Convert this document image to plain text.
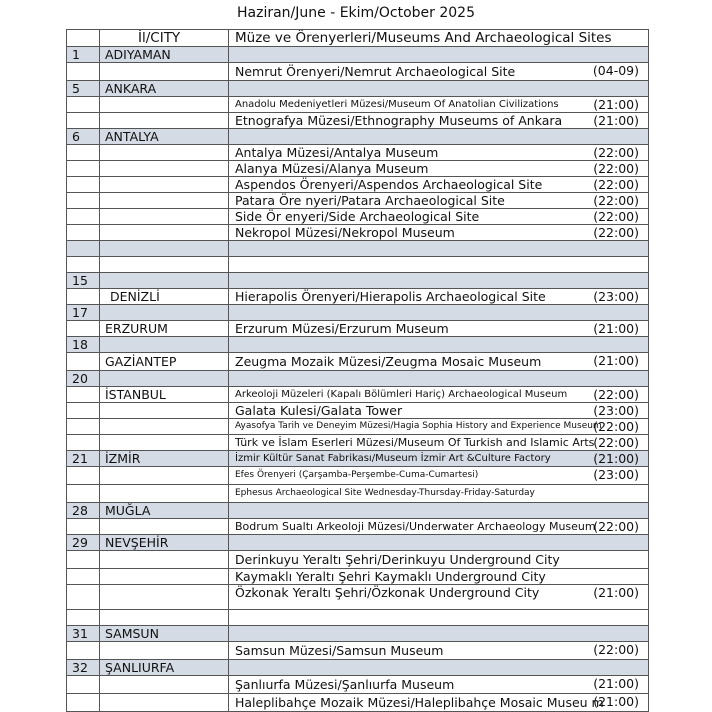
Haziran/June - Ekim/October 2025
	İl/CITY	Müze ve Örenyerleri/Museums And Archaeological Sites
1	ADIYAMAN	
		Nemrut Örenyeri/Nemrut Archaeological Site (04-09)

5	ANKARA	
		Anadolu Medeniyetleri Müzesi/Museum Of Anatolian Civilizations (21:00)

		Etnografya Müzesi/Ethnography Museums of Ankara (21:00)

6	ANTALYA	
		Antalya Müzesi/Antalya Museum (22:00)

		Alanya Müzesi/Alanya Museum (22:00)

		Aspendos Örenyeri/Aspendos Archaeological Site (22:00)

		Patara Öre nyeri/Patara Archaeological Site (22:00)

		Side Ör enyeri/Side Archaeological Site (22:00)

		Nekropol Müzesi/Nekropol Museum (22:00)

15		
	DENİZLİ	Hierapolis Örenyeri/Hierapolis Archaeological Site (23:00)

17		
	ERZURUM	Erzurum Müzesi/Erzurum Museum (21:00)

18		
	GAZİANTEP	Zeugma Mozaik Müzesi/Zeugma Mosaic Museum (21:00)

20		
	İSTANBUL	Arkeoloji Müzeleri (Kapalı Bölümleri Hariç) Archaeological Museum (22:00)

		Galata Kulesi/Galata Tower (23:00)

		Ayasofya Tarih ve Deneyim Müzesi/Hagia Sophia History and Experience Museum
(22:00)

		Türk ve İslam Eserleri Müzesi/Museum Of Turkish and Islamic Arts
(22:00)

21	İZMİR	İzmir Kültür Sanat Fabrikası/Museum İzmir Art &Culture Factory (21:00)

		Efes Örenyeri (Çarşamba-Perşembe-Cuma-Cumartesi) (23:00)

		Ephesus Archaeological Site Wednesday-Thursday-Friday-Saturday
28	MUĞLA	
		Bodrum Sualtı Arkeoloji Müzesi/Underwater Archaeology Museum
(22:00)

29	NEVŞEHİR	
		Derinkuyu Yeraltı Şehri/Derinkuyu Underground City
		Kaymaklı Yeraltı Şehri Kaymaklı Underground City
		Özkonak Yeraltı Şehri/Özkonak Underground City (21:00)

31	SAMSUN	
		Samsun Müzesi/Samsun Museum (22:00)

32	ŞANLIURFA	
		Şanlıurfa Müzesi/Şanlıurfa Museum (21:00)

		Haleplibahçe Mozaik Müzesi/Haleplibahçe Mosaic Museu m
(21:00)
